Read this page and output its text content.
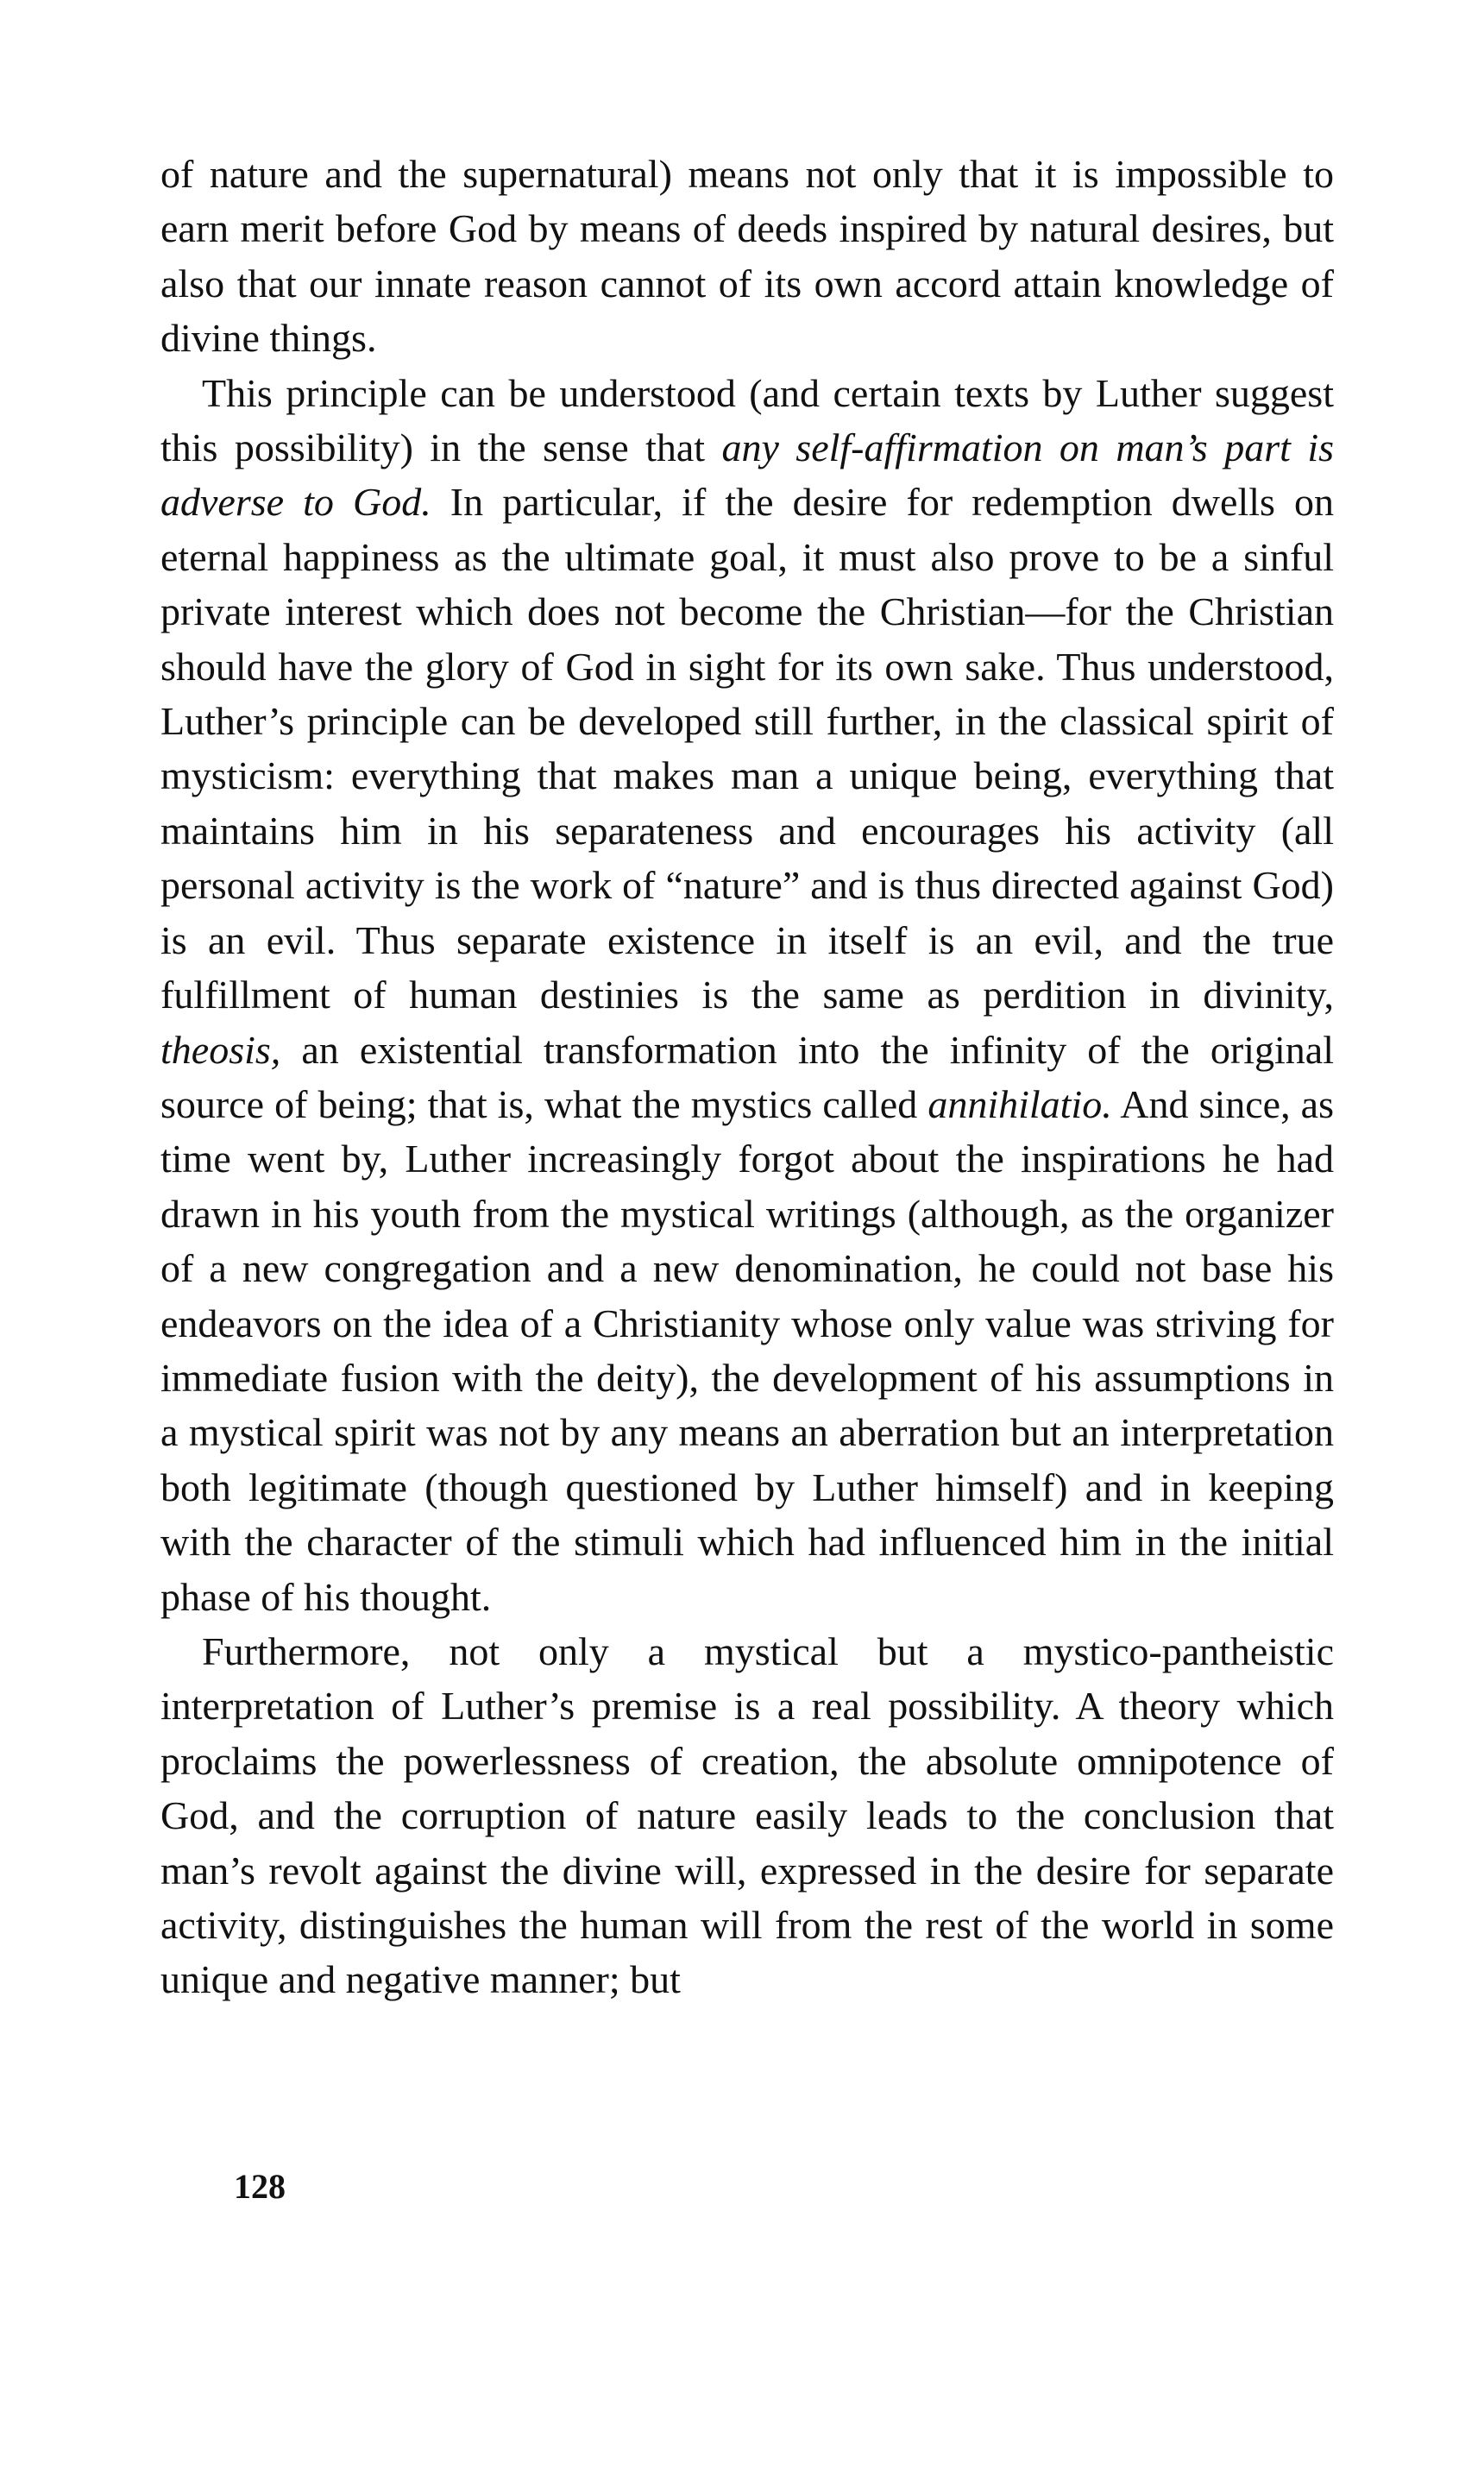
of nature and the supernatural) means not only that it is impossible to earn merit before God by means of deeds inspired by natural desires, but also that our innate reason cannot of its own accord attain knowledge of divine things.

This principle can be understood (and certain texts by Luther suggest this possibility) in the sense that any self-affirmation on man’s part is adverse to God. In particular, if the desire for redemption dwells on eternal happiness as the ultimate goal, it must also prove to be a sinful private interest which does not become the Christian—for the Christian should have the glory of God in sight for its own sake. Thus understood, Luther’s principle can be developed still further, in the classical spirit of mysticism: everything that makes man a unique being, everything that maintains him in his separateness and encourages his activity (all personal activity is the work of “nature” and is thus directed against God) is an evil. Thus separate existence in itself is an evil, and the true fulfillment of human destinies is the same as perdition in divinity, theosis, an existential transformation into the infinity of the original source of being; that is, what the mystics called annihilatio. And since, as time went by, Luther increasingly forgot about the inspirations he had drawn in his youth from the mystical writings (although, as the organizer of a new congregation and a new denomination, he could not base his endeavors on the idea of a Christianity whose only value was striving for immediate fusion with the deity), the development of his assumptions in a mystical spirit was not by any means an aberration but an interpretation both legitimate (though questioned by Luther himself) and in keeping with the character of the stimuli which had influenced him in the initial phase of his thought.

Furthermore, not only a mystical but a mystico-pantheistic interpretation of Luther’s premise is a real possibility. A theory which proclaims the powerlessness of creation, the absolute omnipotence of God, and the corruption of nature easily leads to the conclusion that man’s revolt against the divine will, expressed in the desire for separate activity, distinguishes the human will from the rest of the world in some unique and negative manner; but

128
